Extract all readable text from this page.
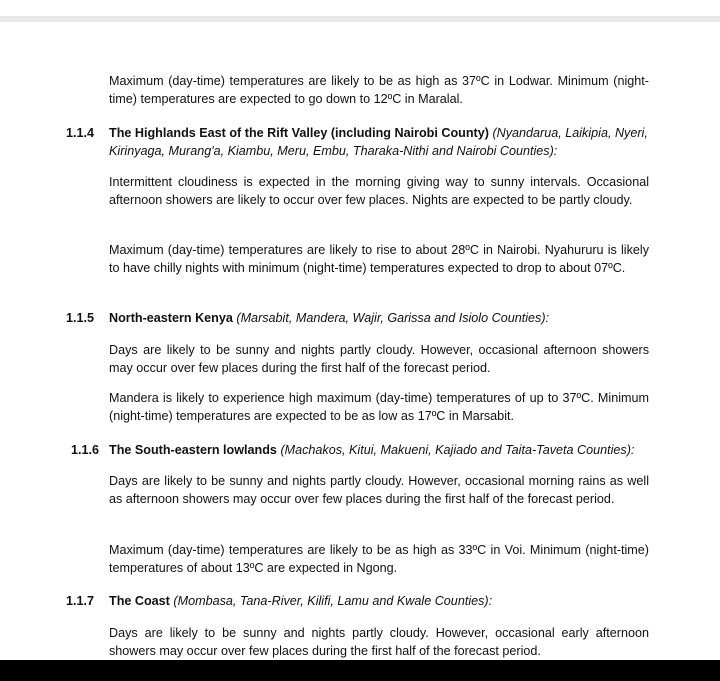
Maximum (day-time) temperatures are likely to be as high as 37ºC in Lodwar. Minimum (night-time) temperatures are expected to go down to 12ºC in Maralal.

1.1.4	The Highlands East of the Rift Valley (including Nairobi County) (Nyandarua, Laikipia, Nyeri, Kirinyaga, Murang'a, Kiambu, Meru, Embu, Tharaka-Nithi and Nairobi Counties):

Intermittent cloudiness is expected in the morning giving way to sunny intervals. Occasional afternoon showers are likely to occur over few places. Nights are expected to be partly cloudy.

Maximum (day-time) temperatures are likely to rise to about 28ºC in Nairobi. Nyahururu is likely to have chilly nights with minimum (night-time) temperatures expected to drop to about 07ºC.

1.1.5	North-eastern Kenya (Marsabit, Mandera, Wajir, Garissa and Isiolo Counties):

Days are likely to be sunny and nights partly cloudy. However, occasional afternoon showers may occur over few places during the first half of the forecast period.

Mandera is likely to experience high maximum (day-time) temperatures of up to 37ºC. Minimum (night-time) temperatures are expected to be as low as 17ºC in Marsabit.

1.1.6 The South-eastern lowlands (Machakos, Kitui, Makueni, Kajiado and Taita-Taveta Counties):

Days are likely to be sunny and nights partly cloudy. However, occasional morning rains as well as afternoon showers may occur over few places during the first half of the forecast period.

Maximum (day-time) temperatures are likely to be as high as 33ºC in Voi. Minimum (night-time) temperatures of about 13ºC are expected in Ngong.

1.1.7	The Coast (Mombasa, Tana-River, Kilifi, Lamu and Kwale Counties):

Days are likely to be sunny and nights partly cloudy. However, occasional early afternoon showers may occur over few places during the first half of the forecast period.
